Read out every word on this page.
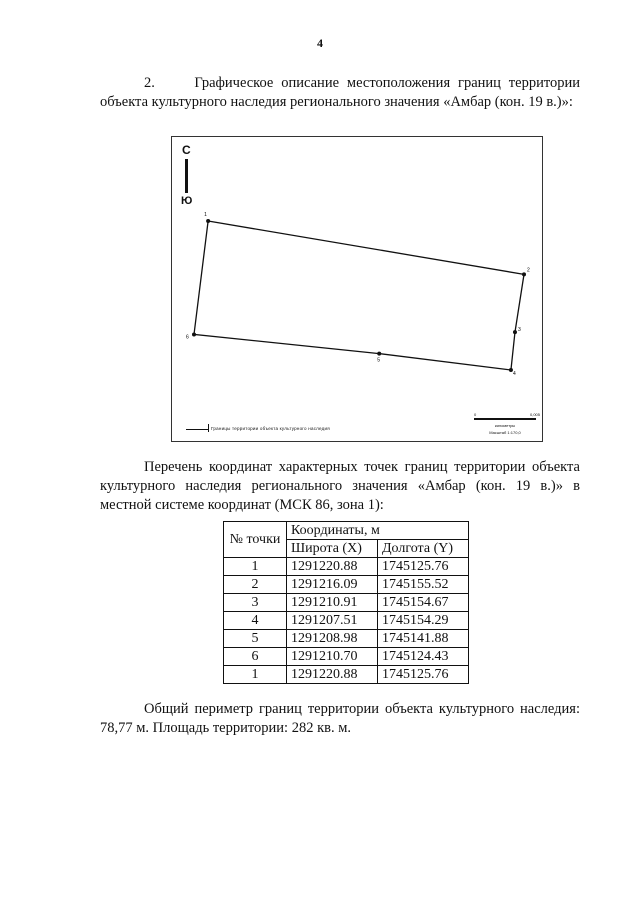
4
2.	Графическое описание местоположения границ территории объекта культурного наследия регионального значения «Амбар (кон. 19 в.)»:
С
Ю
1
2
3
4
5
6
Границы территории объекта культурного наследия
0	0,005
километры
Масштаб 1:170,0
Перечень координат характерных точек границ территории объекта культурного наследия регионального значения «Амбар (кон. 19 в.)» в местной системе координат (МСК 86, зона 1):
№ точки	Координаты, м	
	Широта (X)	Долгота (Y)
1	1291220.88	1745125.76
2	1291216.09	1745155.52
3	1291210.91	1745154.67
4	1291207.51	1745154.29
5	1291208.98	1745141.88
6	1291210.70	1745124.43
1	1291220.88	1745125.76
Общий периметр границ территории объекта культурного наследия: 78,77 м. Площадь территории: 282 кв. м.
